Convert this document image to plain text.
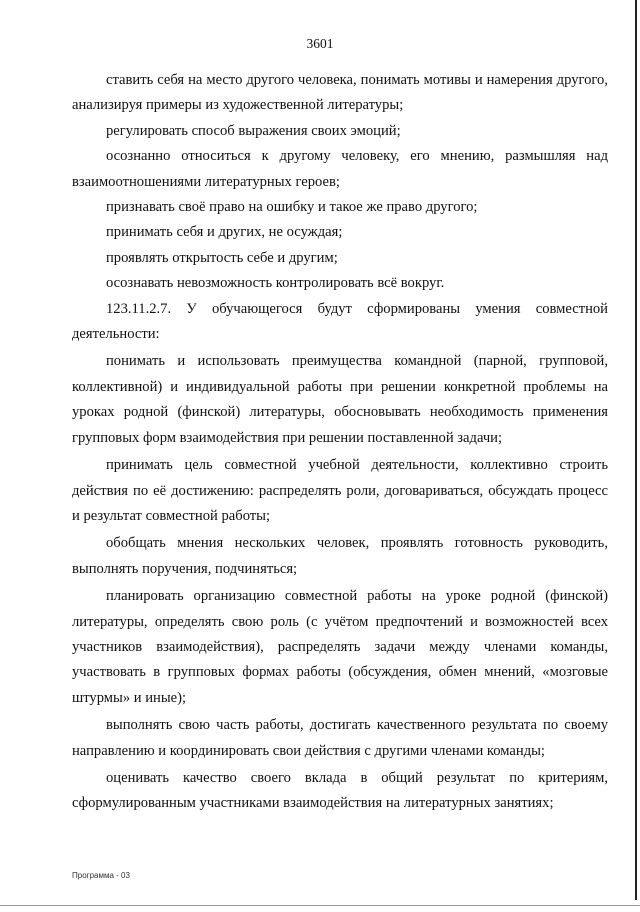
3601

ставить себя на место другого человека, понимать мотивы и намерения другого, анализируя примеры из художественной литературы;

регулировать способ выражения своих эмоций;

осознанно относиться к другому человеку, его мнению, размышляя над взаимоотношениями литературных героев;

признавать своё право на ошибку и такое же право другого;

принимать себя и других, не осуждая;

проявлять открытость себе и другим;

осознавать невозможность контролировать всё вокруг.

123.11.2.7. У обучающегося будут сформированы умения совместной деятельности:

понимать и использовать преимущества командной (парной, групповой, коллективной) и индивидуальной работы при решении конкретной проблемы на уроках родной (финской) литературы, обосновывать необходимость применения групповых форм взаимодействия при решении поставленной задачи;

принимать цель совместной учебной деятельности, коллективно строить действия по её достижению: распределять роли, договариваться, обсуждать процесс и результат совместной работы;

обобщать мнения нескольких человек, проявлять готовность руководить, выполнять поручения, подчиняться;

планировать организацию совместной работы на уроке родной (финской) литературы, определять свою роль (с учётом предпочтений и возможностей всех участников взаимодействия), распределять задачи между членами команды, участвовать в групповых формах работы (обсуждения, обмен мнений, «мозговые штурмы» и иные);

выполнять свою часть работы, достигать качественного результата по своему направлению и координировать свои действия с другими членами команды;

оценивать качество своего вклада в общий результат по критериям, сформулированным участниками взаимодействия на литературных занятиях;

Программа - 03
